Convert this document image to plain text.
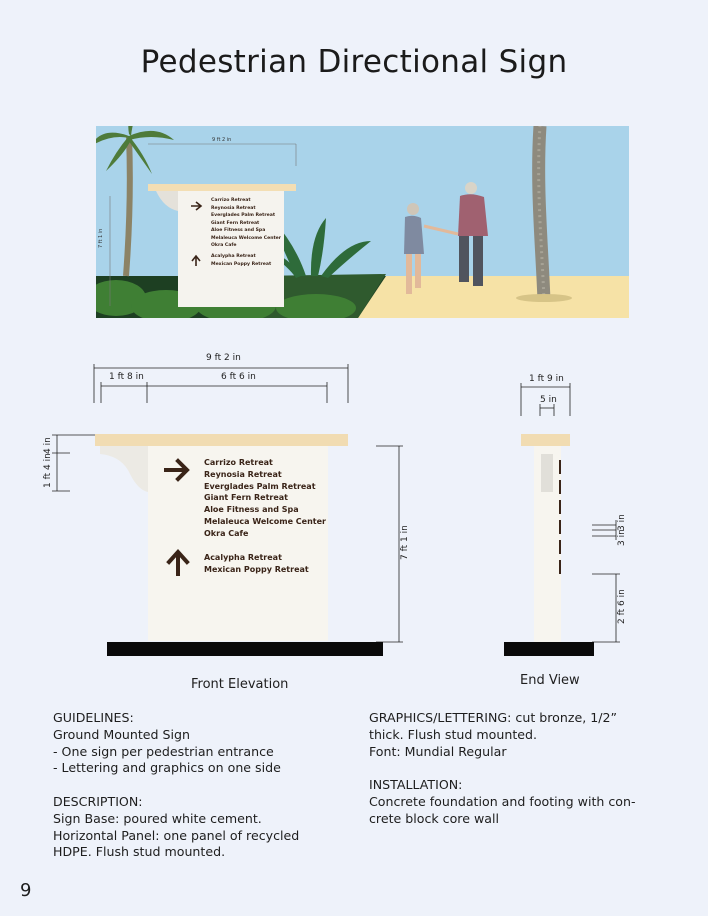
Pedestrian Directional Sign
9 ft 2 in
7 ft 1 in
Carrizo Retreat
Reynosia Retreat
Everglades Palm Retreat
Giant Fern Retreat
Aloe Fitness and Spa
Melaleuca Welcome Center
Okra Cafe
Acalypha Retreat
Mexican Poppy Retreat
9 ft 2 in
1 ft 8 in	6 ft 6 in
4 in
1 ft 4 in
7 ft 1 in
Carrizo Retreat
Reynosia Retreat
Everglades Palm Retreat
Giant Fern Retreat
Aloe Fitness and Spa
Melaleuca Welcome Center
Okra Cafe
Acalypha Retreat
Mexican Poppy Retreat
Front Elevation
1 ft 9 in
5 in
3 in
3 in
2 ft 6 in
End View

GUIDELINES:

Ground Mounted Sign

- One sign per pedestrian entrance

- Lettering and graphics on one side

DESCRIPTION:

Sign Base: poured white cement.

Horizontal Panel: one panel of recycled

HDPE. Flush stud mounted.

GRAPHICS/LETTERING: cut bronze, 1/2”

thick. Flush stud mounted.

Font: Mundial Regular

INSTALLATION:

Concrete foundation and footing with con-

crete block core wall

9
